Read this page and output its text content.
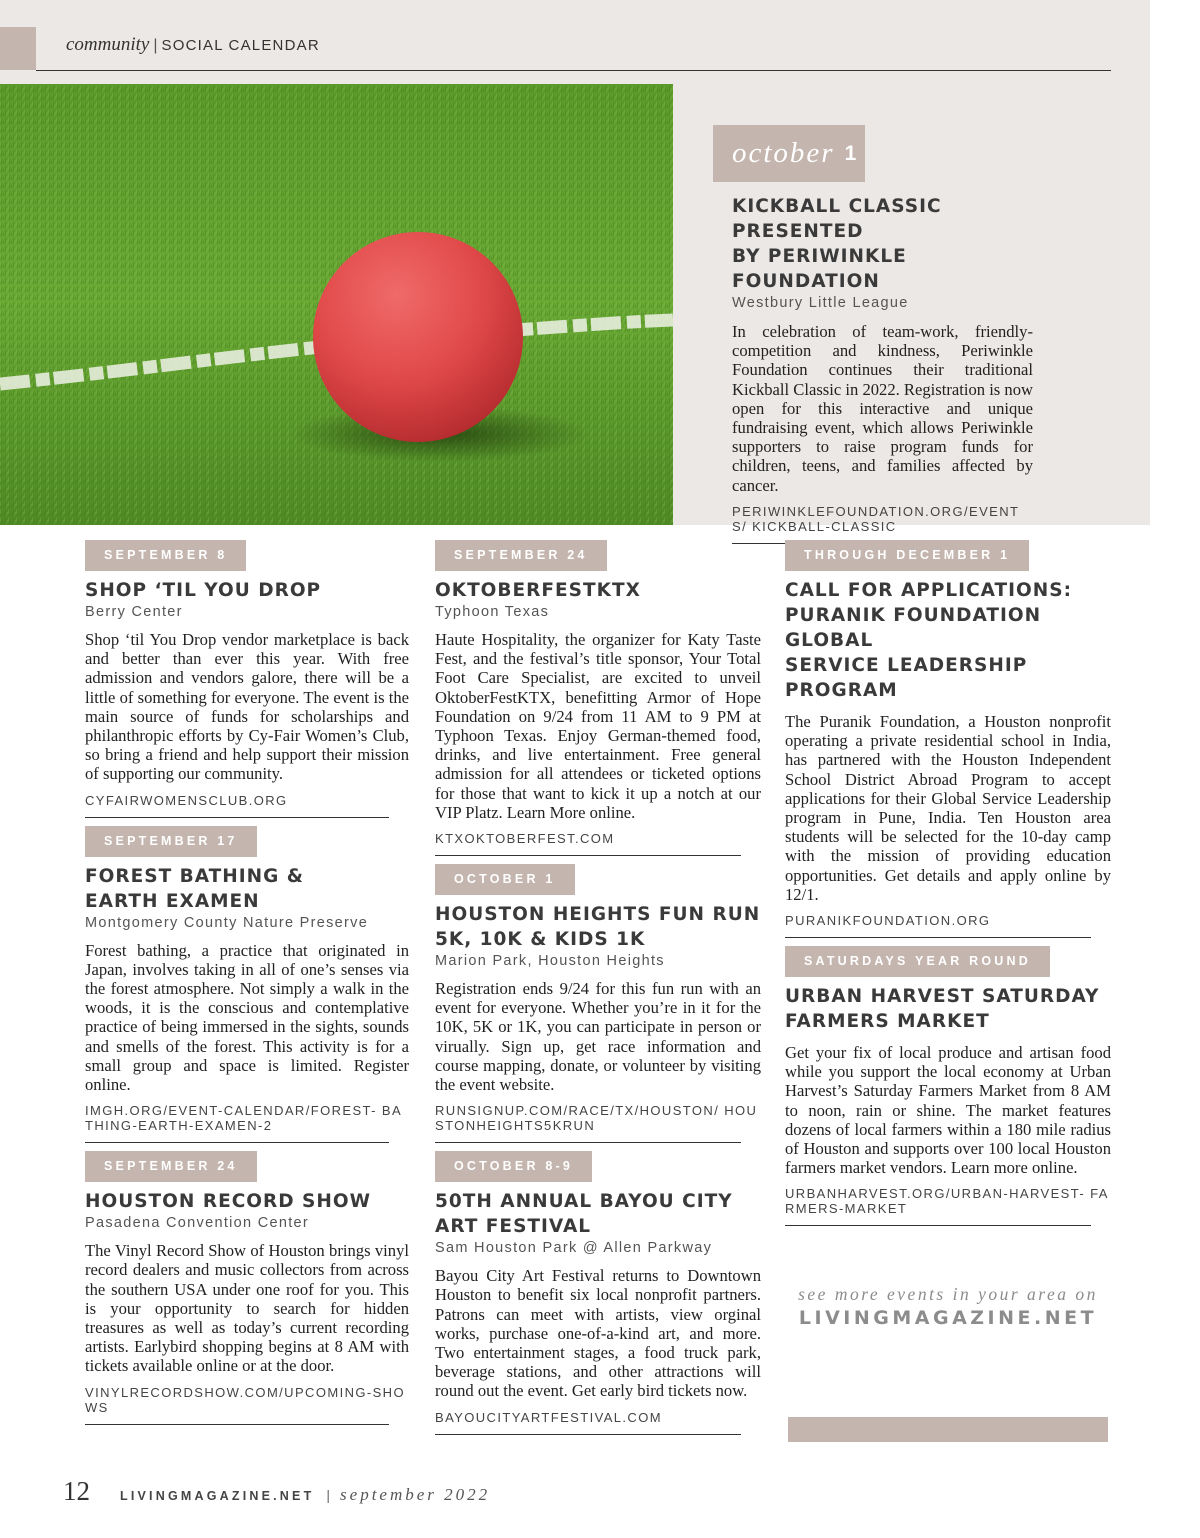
community | SOCIAL CALENDAR
october 1
KICKBALL CLASSIC PRESENTED
BY PERIWINKLE FOUNDATION
Westbury Little League
In celebration of team-work, friendly-competition and kindness, Periwinkle Foundation continues their traditional Kickball Classic in 2022. Registration is now open for this interactive and unique fundraising event, which allows Periwinkle supporters to raise program funds for children, teens, and families affected by cancer.
PERIWINKLEFOUNDATION.ORG/EVENTS/ KICKBALL-CLASSIC
SEPTEMBER 8
SHOP ‘TIL YOU DROP
Berry Center
Shop ‘til You Drop vendor marketplace is back and better than ever this year. With free admission and vendors galore, there will be a little of something for everyone. The event is the main source of funds for scholarships and philanthropic efforts by Cy-Fair Women’s Club, so bring a friend and help support their mission of supporting our community.
CYFAIRWOMENSCLUB.ORG
SEPTEMBER 17
FOREST BATHING &
EARTH EXAMEN
Montgomery County Nature Preserve
Forest bathing, a practice that originated in Japan, involves taking in all of one’s senses via the forest atmosphere. Not simply a walk in the woods, it is the conscious and contemplative practice of being immersed in the sights, sounds and smells of the forest. This activity is for a small group and space is limited. Register online.
IMGH.ORG/EVENT-CALENDAR/FOREST- BATHING-EARTH-EXAMEN-2
SEPTEMBER 24
HOUSTON RECORD SHOW
Pasadena Convention Center
The Vinyl Record Show of Houston brings vinyl record dealers and music collectors from across the southern USA under one roof for you. This is your opportunity to search for hidden treasures as well as today’s current recording artists. Earlybird shopping begins at 8 AM with tickets available online or at the door.
VINYLRECORDSHOW.COM/UPCOMING-SHOWS
SEPTEMBER 24
OKTOBERFESTKTX
Typhoon Texas
Haute Hospitality, the organizer for Katy Taste Fest, and the festival’s title sponsor, Your Total Foot Care Specialist, are excited to unveil OktoberFestKTX, benefitting Armor of Hope Foundation on 9/24 from 11 AM to 9 PM at Typhoon Texas. Enjoy German-themed food, drinks, and live entertainment. Free general admission for all attendees or ticketed options for those that want to kick it up a notch at our VIP Platz. Learn More online.
KTXOKTOBERFEST.COM
OCTOBER 1
HOUSTON HEIGHTS FUN RUN
5K, 10K & KIDS 1K
Marion Park, Houston Heights
Registration ends 9/24 for this fun run with an event for everyone. Whether you’re in it for the 10K, 5K or 1K, you can participate in person or virually. Sign up, get race information and course mapping, donate, or volunteer by visiting the event website.
RUNSIGNUP.COM/RACE/TX/HOUSTON/ HOUSTONHEIGHTS5KRUN
OCTOBER 8-9
50TH ANNUAL BAYOU CITY
ART FESTIVAL
Sam Houston Park @ Allen Parkway
Bayou City Art Festival returns to Downtown Houston to benefit six local nonprofit partners. Patrons can meet with artists, view orginal works, purchase one-of-a-kind art, and more. Two entertainment stages, a food truck park, beverage stations, and other attractions will round out the event. Get early bird tickets now.
BAYOUCITYARTFESTIVAL.COM
THROUGH DECEMBER 1
CALL FOR APPLICATIONS:
PURANIK FOUNDATION GLOBAL
SERVICE LEADERSHIP PROGRAM
The Puranik Foundation, a Houston nonprofit operating a private residential school in India, has partnered with the Houston Independent School District Abroad Program to accept applications for their Global Service Leadership program in Pune, India. Ten Houston area students will be selected for the 10-day camp with the mission of providing education opportunities. Get details and apply online by 12/1.
PURANIKFOUNDATION.ORG
SATURDAYS YEAR ROUND
URBAN HARVEST SATURDAY
FARMERS MARKET
Get your fix of local produce and artisan food while you support the local economy at Urban Harvest’s Saturday Farmers Market from 8 AM to noon, rain or shine. The market features dozens of local farmers within a 180 mile radius of Houston and supports over 100 local Houston farmers market vendors. Learn more online.
URBANHARVEST.ORG/URBAN-HARVEST- FARMERS-MARKET
see more events in your area on
LIVINGMAGAZINE.NET
12 LIVINGMAGAZINE.NET | september 2022
